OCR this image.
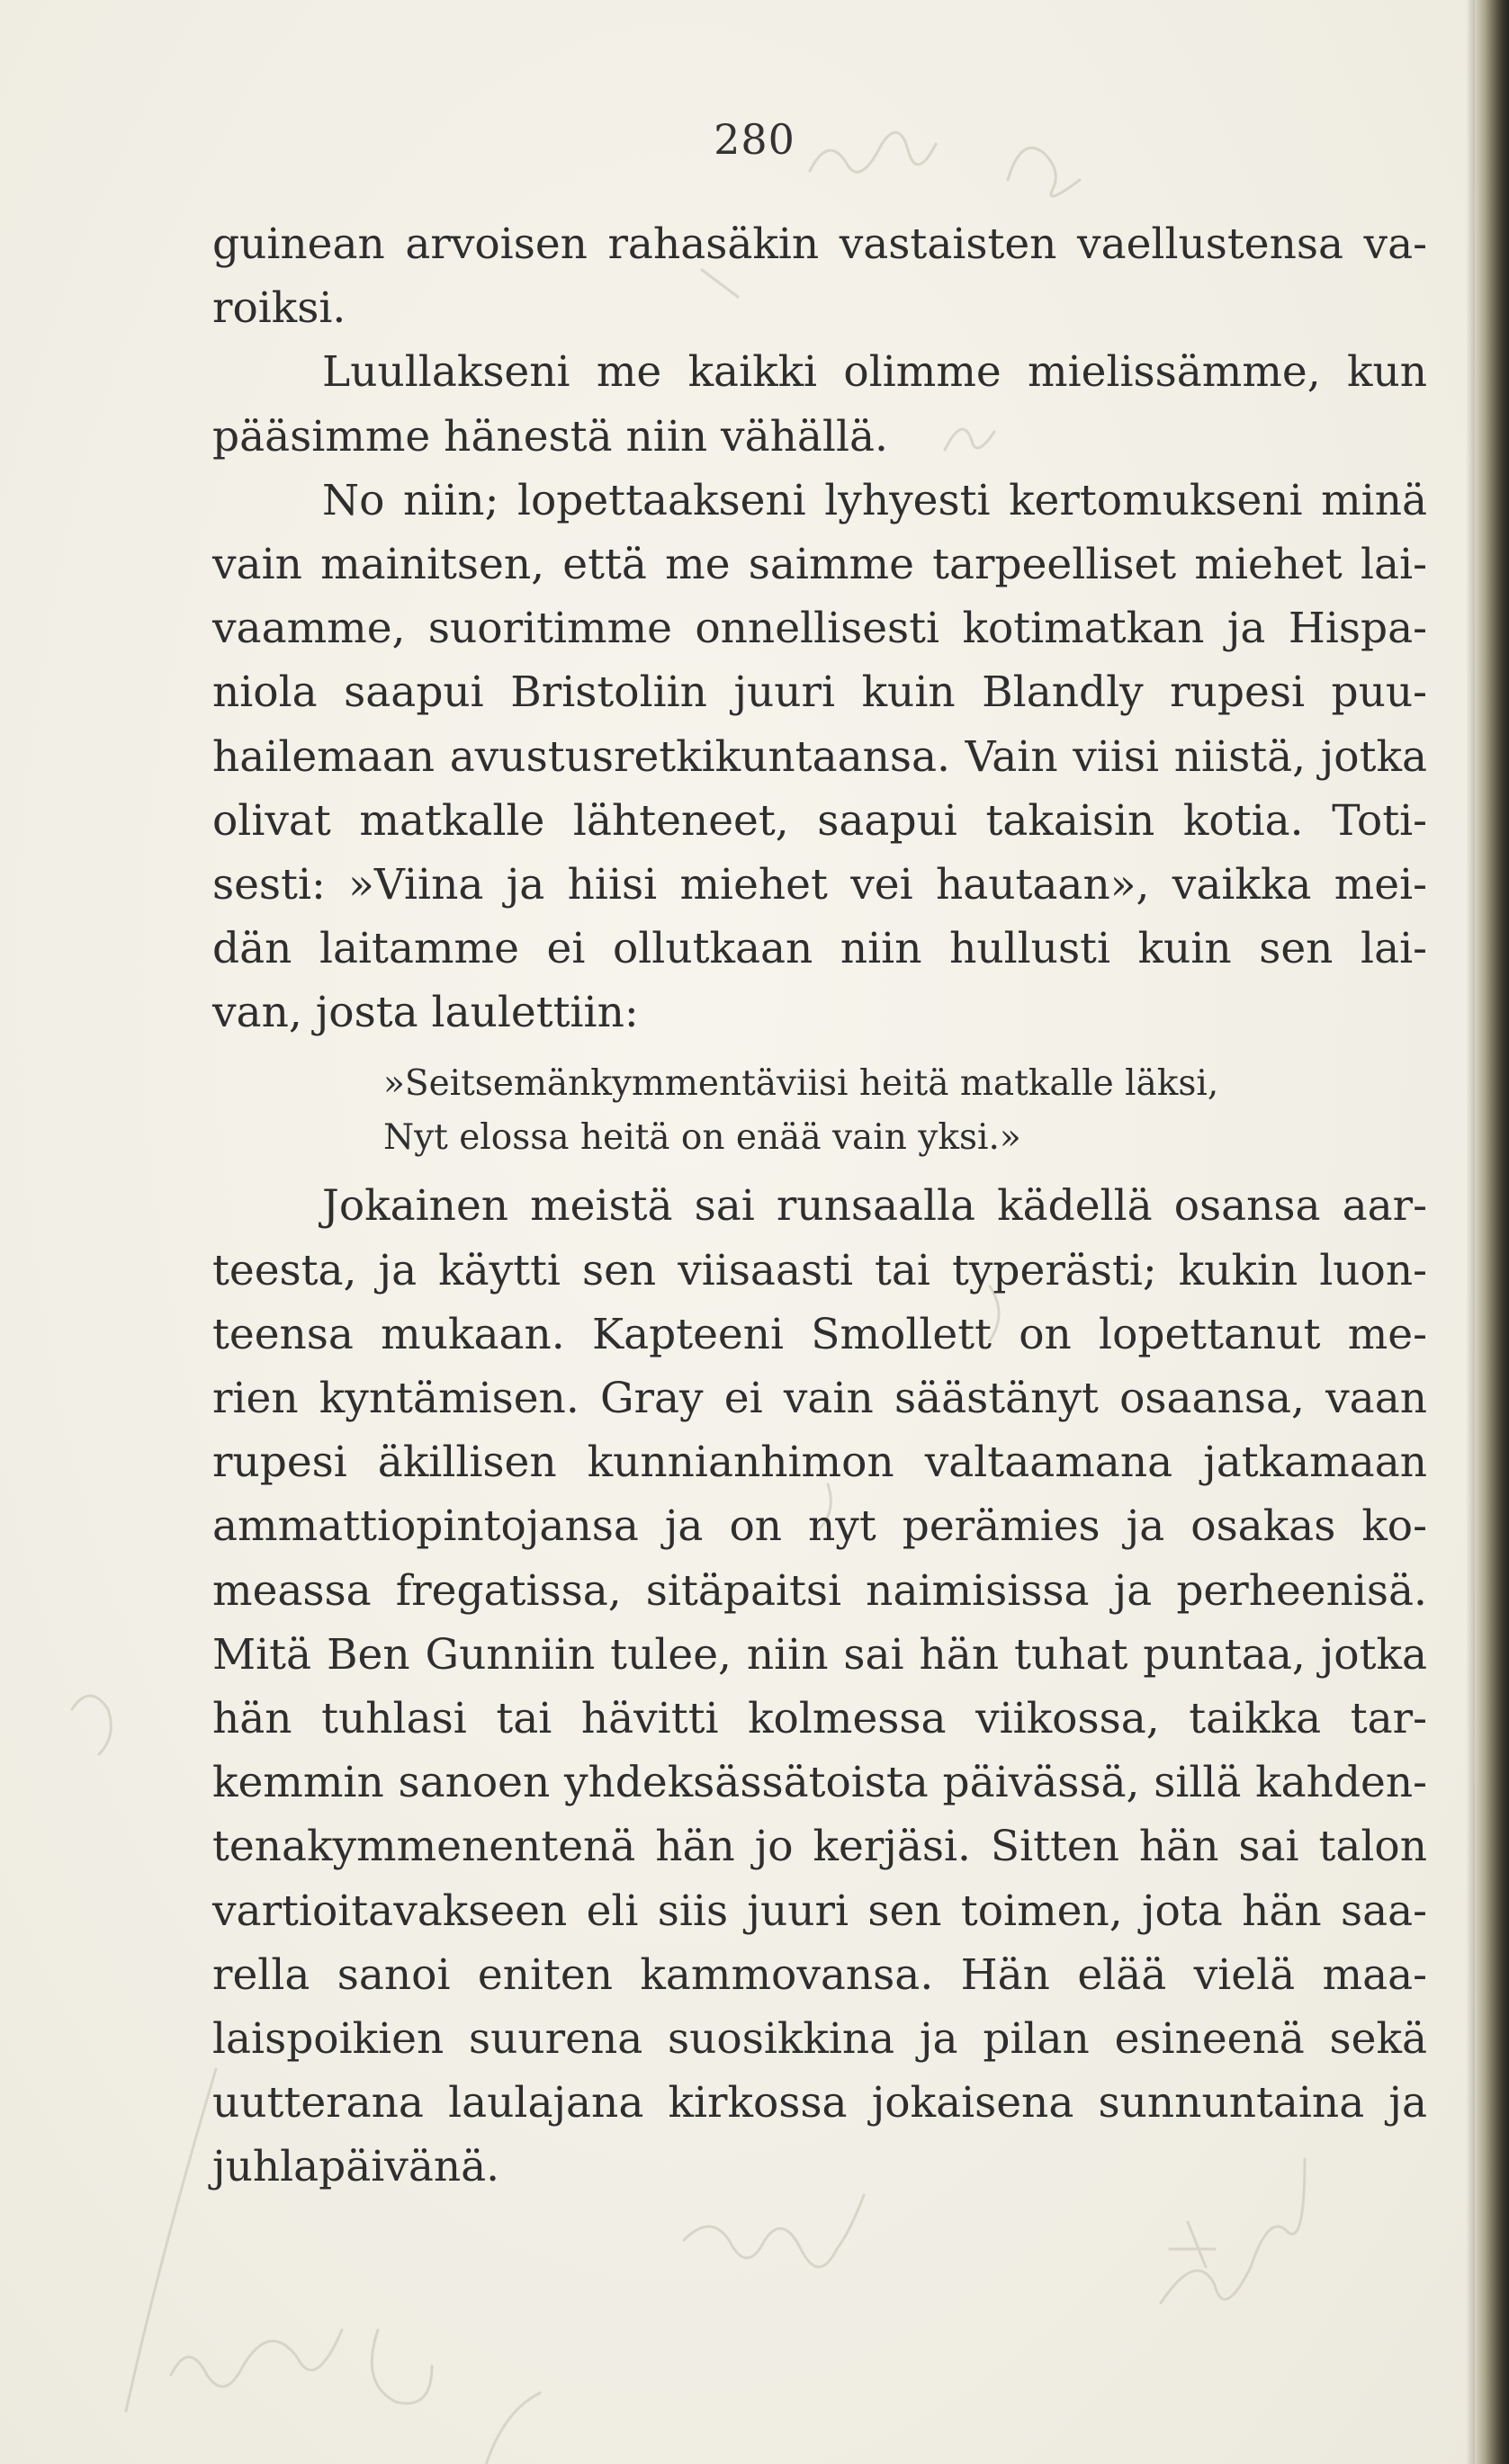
280
guinean arvoisen rahasäkin vastaisten vaellustensa va-
roiksi.
Luullakseni me kaikki olimme mielissämme, kun
pääsimme hänestä niin vähällä.
No niin; lopettaakseni lyhyesti kertomukseni minä
vain mainitsen, että me saimme tarpeelliset miehet lai-
vaamme, suoritimme onnellisesti kotimatkan ja Hispa-
niola saapui Bristoliin juuri kuin Blandly rupesi puu-
hailemaan avustusretkikuntaansa. Vain viisi niistä, jotka
olivat matkalle lähteneet, saapui takaisin kotia. Toti-
sesti: »Viina ja hiisi miehet vei hautaan», vaikka mei-
dän laitamme ei ollutkaan niin hullusti kuin sen lai-
van, josta laulettiin:
»Seitsemänkymmentäviisi heitä matkalle läksi,
Nyt elossa heitä on enää vain yksi.»
Jokainen meistä sai runsaalla kädellä osansa aar-
teesta, ja käytti sen viisaasti tai typerästi; kukin luon-
teensa mukaan. Kapteeni Smollett on lopettanut me-
rien kyntämisen. Gray ei vain säästänyt osaansa, vaan
rupesi äkillisen kunnianhimon valtaamana jatkamaan
ammattiopintojansa ja on nyt perämies ja osakas ko-
meassa fregatissa, sitäpaitsi naimisissa ja perheenisä.
Mitä Ben Gunniin tulee, niin sai hän tuhat puntaa, jotka
hän tuhlasi tai hävitti kolmessa viikossa, taikka tar-
kemmin sanoen yhdeksässätoista päivässä, sillä kahden-
tenakymmenentenä hän jo kerjäsi. Sitten hän sai talon
vartioitavakseen eli siis juuri sen toimen, jota hän saa-
rella sanoi eniten kammovansa. Hän elää vielä maa-
laispoikien suurena suosikkina ja pilan esineenä sekä
uutterana laulajana kirkossa jokaisena sunnuntaina ja
juhlapäivänä.
